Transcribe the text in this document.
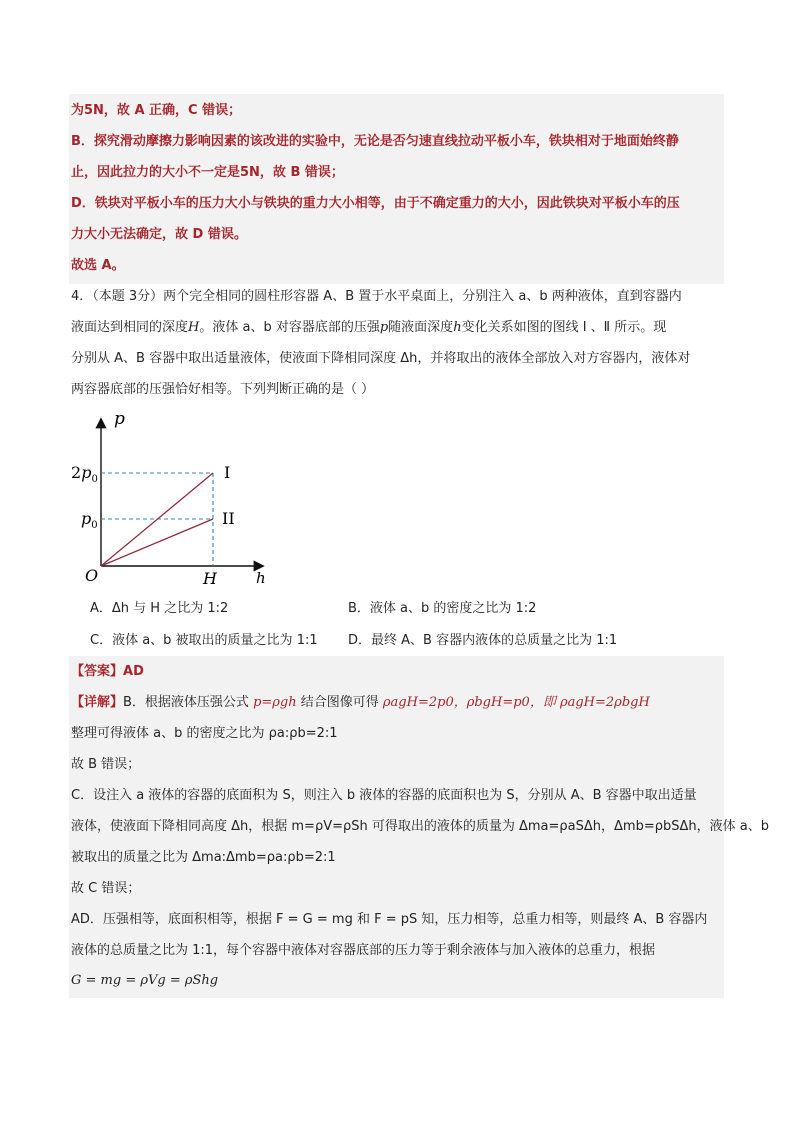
为5N，故 A 正确，C 错误；
B．探究滑动摩擦力影响因素的该改进的实验中，无论是否匀速直线拉动平板小车，铁块相对于地面始终静
止，因此拉力的大小不一定是5N，故 B 错误；
D．铁块对平板小车的压力大小与铁块的重力大小相等，由于不确定重力的大小，因此铁块对平板小车的压
力大小无法确定，故 D 错误。
故选 A。
4．（本题 3分）两个完全相同的圆柱形容器 A、B 置于水平桌面上，分别注入 a、b 两种液体，直到容器内
液面达到相同的深度H。液体 a、b 对容器底部的压强p随液面深度h变化关系如图的图线 Ⅰ 、Ⅱ 所示。现
分别从 A、B 容器中取出适量液体，使液面下降相同深度 Δh，并将取出的液体全部放入对方容器内，液体对
两容器底部的压强恰好相等。下列判断正确的是（ ）
p
h
O	H
$2p_0$
$p_0$
I
II
A．Δh 与 H 之比为 1:2	B．液体 a、b 的密度之比为 1:2
C．液体 a、b 被取出的质量之比为 1:1 D．最终 A、B 容器内液体的总质量之比为 1:1
【答案】AD
【详解】B．根据液体压强公式 p=ρgh 结合图像可得 ρagH=2p0，ρbgH=p0，即 ρagH=2ρbgH
整理可得液体 a、b 的密度之比为 ρa:ρb=2:1
故 B 错误；
C．设注入 a 液体的容器的底面积为 S，则注入 b 液体的容器的底面积也为 S，分别从 A、B 容器中取出适量
液体，使液面下降相同高度 Δh，根据 m=ρV=ρSh 可得取出的液体的质量为 Δma=ρaSΔh，Δmb=ρbSΔh，液体 a、b
被取出的质量之比为 Δma:Δmb=ρa:ρb=2:1
故 C 错误；
AD．压强相等，底面积相等，根据 F = G = mg 和 F = pS 知，压力相等，总重力相等，则最终 A、B 容器内
液体的总质量之比为 1:1，每个容器中液体对容器底部的压力等于剩余液体与加入液体的总重力，根据
G = mg = ρVg = ρShg
